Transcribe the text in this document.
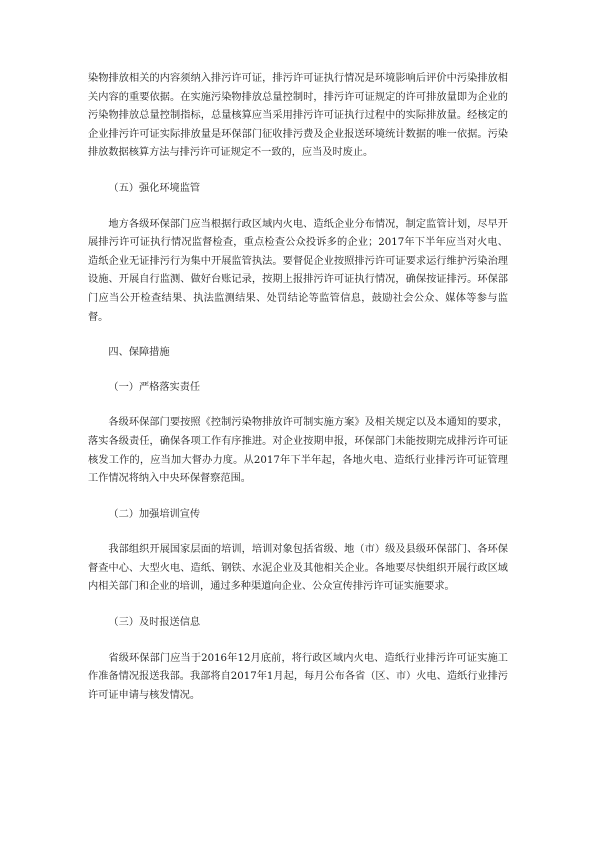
染物排放相关的内容须纳入排污许可证，排污许可证执行情况是环境影响后评价中污染排放相关内容的重要依据。在实施污染物排放总量控制时，排污许可证规定的许可排放量即为企业的污染物排放总量控制指标，总量核算应当采用排污许可证执行过程中的实际排放量。经核定的企业排污许可证实际排放量是环保部门征收排污费及企业报送环境统计数据的唯一依据。污染排放数据核算方法与排污许可证规定不一致的，应当及时废止。

（五）强化环境监管

地方各级环保部门应当根据行政区域内火电、造纸企业分布情况，制定监管计划，尽早开展排污许可证执行情况监督检查，重点检查公众投诉多的企业；2017年下半年应当对火电、造纸企业无证排污行为集中开展监管执法。要督促企业按照排污许可证要求运行维护污染治理设施、开展自行监测、做好台账记录，按期上报排污许可证执行情况，确保按证排污。环保部门应当公开检查结果、执法监测结果、处罚结论等监管信息，鼓励社会公众、媒体等参与监督。

四、保障措施

（一）严格落实责任

各级环保部门要按照《控制污染物排放许可制实施方案》及相关规定以及本通知的要求，落实各级责任，确保各项工作有序推进。对企业按期申报，环保部门未能按期完成排污许可证核发工作的，应当加大督办力度。从2017年下半年起，各地火电、造纸行业排污许可证管理工作情况将纳入中央环保督察范围。

（二）加强培训宣传

我部组织开展国家层面的培训，培训对象包括省级、地（市）级及县级环保部门、各环保督查中心、大型火电、造纸、钢铁、水泥企业及其他相关企业。各地要尽快组织开展行政区域内相关部门和企业的培训，通过多种渠道向企业、公众宣传排污许可证实施要求。

（三）及时报送信息

省级环保部门应当于2016年12月底前，将行政区域内火电、造纸行业排污许可证实施工作准备情况报送我部。我部将自2017年1月起，每月公布各省（区、市）火电、造纸行业排污许可证申请与核发情况。
